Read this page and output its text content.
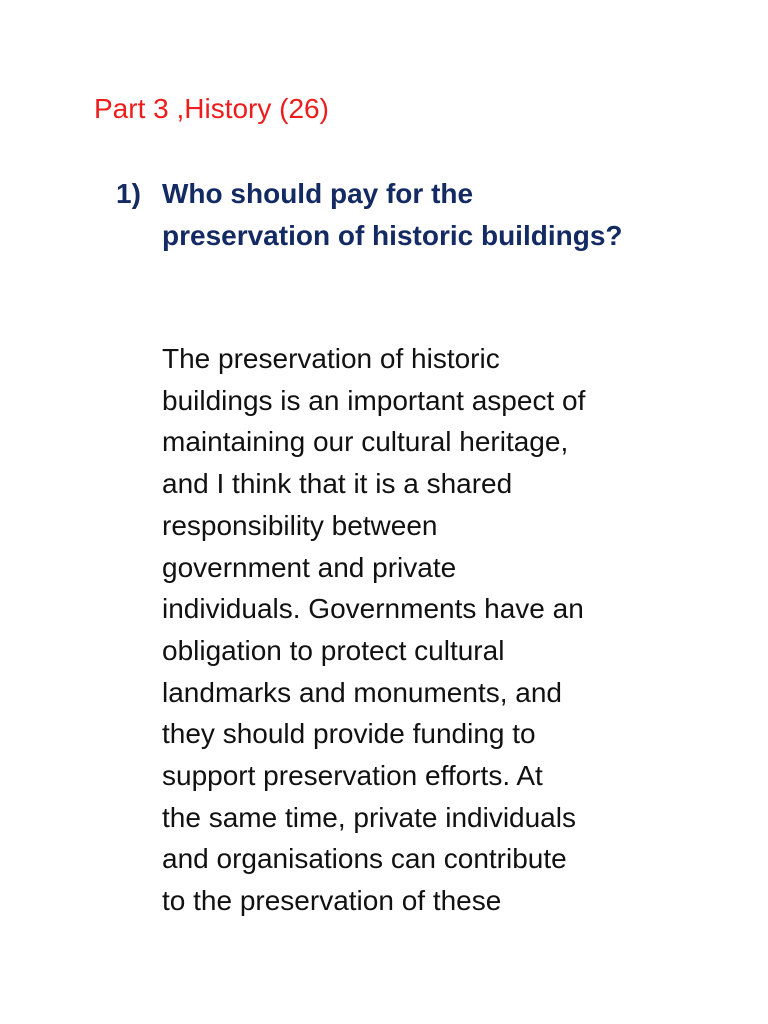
Part 3 ,History (26)
1) Who should pay for the
preservation of historic buildings?
The preservation of historic
buildings is an important aspect of
maintaining our cultural heritage,
and I think that it is a shared
responsibility between
government and private
individuals. Governments have an
obligation to protect cultural
landmarks and monuments, and
they should provide funding to
support preservation efforts. At
the same time, private individuals
and organisations can contribute
to the preservation of these
